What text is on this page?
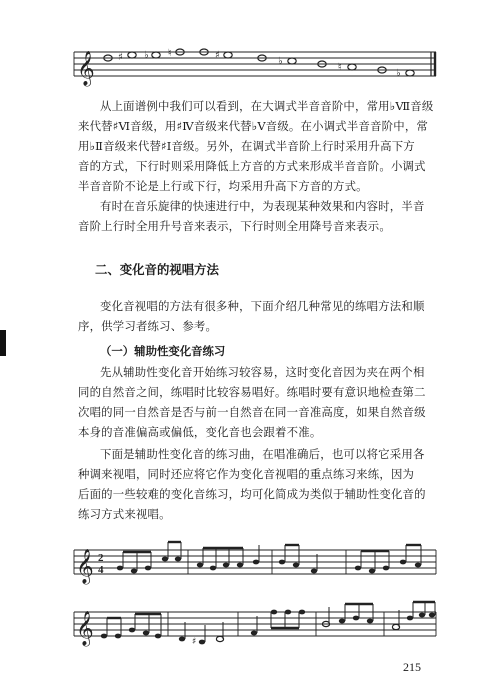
𝄞 ♯ ♭ ♮	♯
♭
♮
♭

从上面谱例中我们可以看到，在大调式半音音阶中，常用♭Ⅶ音级
来代替♯Ⅵ音级，用♯Ⅳ音级来代替♭Ⅴ音级。在小调式半音音阶中，常
用♭Ⅱ音级来代替♯Ⅰ音级。另外，在调式半音阶上行时采用升高下方
音的方式，下行时则采用降低上方音的方式来形成半音音阶。小调式
半音音阶不论是上行或下行，均采用升高下方音的方式。

有时在音乐旋律的快速进行中，为表现某种效果和内容时，半音
音阶上行时全用升号音来表示，下行时则全用降号音来表示。

二、变化音的视唱方法

变化音视唱的方法有很多种，下面介绍几种常见的练唱方法和顺
序，供学习者练习、参考。

（一）辅助性变化音练习

先从辅助性变化音开始练习较容易，这时变化音因为夹在两个相
同的自然音之间，练唱时比较容易唱好。练唱时要有意识地检查第二
次唱的同一自然音是否与前一自然音在同一音准高度，如果自然音级
本身的音准偏高或偏低，变化音也会跟着不准。

下面是辅助性变化音的练习曲，在唱准确后，也可以将它采用各
种调来视唱，同时还应将它作为变化音视唱的重点练习来练，因为
后面的一些较难的变化音练习，均可化简成为类似于辅助性变化音的
练习方式来视唱。

𝄞 2
4
𝄞	♯
215
